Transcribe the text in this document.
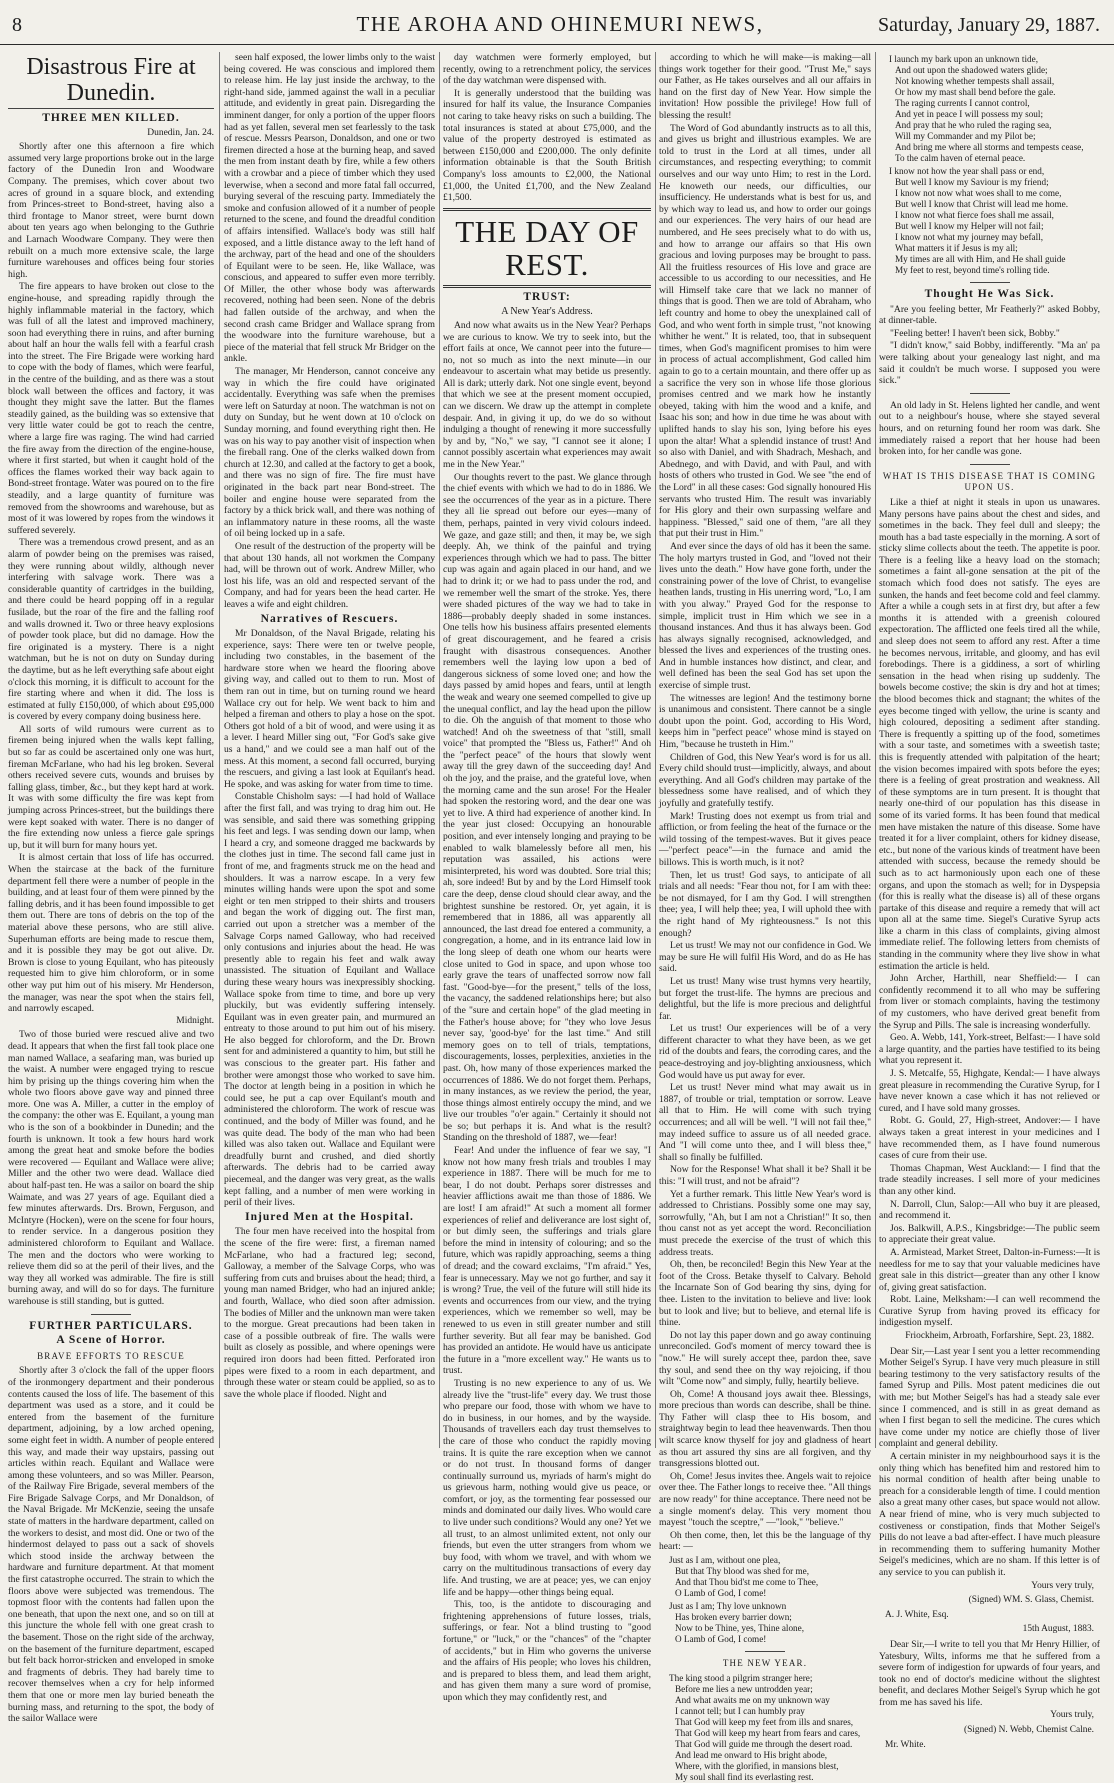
8	THE AROHA AND OHINEMURI NEWS,	Saturday, January 29, 1887.
Disastrous Fire at Dunedin.
THREE MEN KILLED.
Dunedin, Jan. 24.

Shortly after one this afternoon a fire which assumed very large proportions broke out in the large factory of the Dunedin Iron and Woodware Company. The premises, which cover about two acres of ground in a square block, and extending from Princes-street to Bond-street, having also a third frontage to Manor street, were burnt down about ten years ago when belonging to the Guthrie and Larnach Woodware Company. They were then rebuilt on a much more extensive scale, the large furniture warehouses and offices being four stories high.

The fire appears to have broken out close to the engine-house, and spreading rapidly through the highly inflammable material in the factory, which was full of all the latest and improved machinery, soon had everything there in ruins, and after burning about half an hour the walls fell with a fearful crash into the street. The Fire Brigade were working hard to cope with the body of flames, which were fearful, in the centre of the building, and as there was a stout block wall between the offices and factory, it was thought they might save the latter. But the flames steadily gained, as the building was so extensive that very little water could be got to reach the centre, where a large fire was raging. The wind had carried the fire away from the direction of the engine-house, where it first started, but when it caught hold of the offices the flames worked their way back again to Bond-street frontage. Water was poured on to the fire steadily, and a large quantity of furniture was removed from the showrooms and warehouse, but as most of it was lowered by ropes from the windows it suffered severely.

There was a tremendous crowd present, and as an alarm of powder being on the premises was raised, they were running about wildly, although never interfering with salvage work. There was a considerable quantity of cartridges in the building, and there could be heard popping off in a regular fusilade, but the roar of the fire and the falling roof and walls drowned it. Two or three heavy explosions of powder took place, but did no damage. How the fire originated is a mystery. There is a night watchman, but he is not on duty on Sunday during the daytime, but as he left everything safe about eight o'clock this morning, it is difficult to account for the fire starting where and when it did. The loss is estimated at fully £150,000, of which about £95,000 is covered by every company doing business here.

All sorts of wild rumours were current as to firemen being injured when the walls kept falling, but so far as could be ascertained only one was hurt, fireman McFarlane, who had his leg broken. Several others received severe cuts, wounds and bruises by falling glass, timber, &c., but they kept hard at work. It was with some difficulty the fire was kept from jumping across Princes-street, but the buildings there were kept soaked with water. There is no danger of the fire extending now unless a fierce gale springs up, but it will burn for many hours yet.

It is almost certain that loss of life has occurred. When the staircase at the back of the furniture department fell there were a number of people in the building, and at least four of them were pinned by the falling debris, and it has been found impossible to get them out. There are tons of debris on the top of the material above these persons, who are still alive. Superhuman efforts are being made to rescue them, and it is possible they may be got out alive. Dr. Brown is close to young Equilant, who has piteously requested him to give him chloroform, or in some other way put him out of his misery. Mr Henderson, the manager, was near the spot when the stairs fell, and narrowly escaped.

Midnight.

Two of those buried were rescued alive and two dead. It appears that when the first fall took place one man named Wallace, a seafaring man, was buried up the waist. A number were engaged trying to rescue him by prising up the things covering him when the whole two floors above gave way and pinned three more. One was A. Miller, a cutter in the employ of the company: the other was E. Equilant, a young man who is the son of a bookbinder in Dunedin; and the fourth is unknown. It took a few hours hard work among the great heat and smoke before the bodies were recovered — Equilant and Wallace were alive; Miller and the other two were dead. Wallace died about half-past ten. He was a sailor on board the ship Waimate, and was 27 years of age. Equilant died a few minutes afterwards. Drs. Brown, Ferguson, and McIntyre (Hocken), were on the scene for four hours, to render service. In a dangerous position they administered chloroform to Equilant and Wallace. The men and the doctors who were working to relieve them did so at the peril of their lives, and the way they all worked was admirable. The fire is still burning away, and will do so for days. The furniture warehouse is still standing, but is gutted.

FURTHER PARTICULARS.
A Scene of Horror.
BRAVE EFFORTS TO RESCUE

Shortly after 3 o'clock the fall of the upper floors of the ironmongery department and their ponderous contents caused the loss of life. The basement of this department was used as a store, and it could be entered from the basement of the furniture department, adjoining, by a low arched opening, some eight feet in width. A number of people entered this way, and made their way upstairs, passing out articles within reach. Equilant and Wallace were among these volunteers, and so was Miller. Pearson, of the Railway Fire Brigade, several members of the Fire Brigade Salvage Corps, and Mr Donaldson, of the Naval Brigade. Mr McKenzie, seeing the unsafe state of matters in the hardware department, called on the workers to desist, and most did. One or two of the hindermost delayed to pass out a sack of shovels which stood inside the archway between the hardware and furniture department. At that moment the first catastrophe occurred. The strain to which the floors above were subjected was tremendous. The topmost floor with the contents had fallen upon the one beneath, that upon the next one, and so on till at this juncture the whole fell with one great crash to the basement. Those on the right side of the archway, on the basement of the furniture department, escaped but felt back horror-stricken and enveloped in smoke and fragments of debris. They had barely time to recover themselves when a cry for help informed them that one or more men lay buried beneath the burning mass, and returning to the spot, the body of the sailor Wallace were

seen half exposed, the lower limbs only to the waist being covered. He was conscious and implored them to release him. He lay just inside the archway, to the right-hand side, jammed against the wall in a peculiar attitude, and evidently in great pain. Disregarding the imminent danger, for only a portion of the upper floors had as yet fallen, several men set fearlessly to the task of rescue. Messrs Pearson, Donaldson, and one or two firemen directed a hose at the burning heap, and saved the men from instant death by fire, while a few others with a crowbar and a piece of timber which they used leverwise, when a second and more fatal fall occurred, burying several of the rescuing party. Immediately the smoke and confusion allowed of it a number of people returned to the scene, and found the dreadful condition of affairs intensified. Wallace's body was still half exposed, and a little distance away to the left hand of the archway, part of the head and one of the shoulders of Equilant were to be seen. He, like Wallace, was conscious, and appeared to suffer even more terribly. Of Miller, the other whose body was afterwards recovered, nothing had been seen. None of the debris had fallen outside of the archway, and when the second crash came Bridger and Wallace sprang from the woodware into the furniture warehouse, but a piece of the material that fell struck Mr Bridger on the ankle.

The manager, Mr Henderson, cannot conceive any way in which the fire could have originated accidentally. Everything was safe when the premises were left on Saturday at noon. The watchman is not on duty on Sunday, but he went down at 10 o'clock on Sunday morning, and found everything right then. He was on his way to pay another visit of inspection when the fireball rang. One of the clerks walked down from church at 12.30, and called at the factory to get a book, and there was no sign of fire. The fire must have originated in the back part near Bond-street. The boiler and engine house were separated from the factory by a thick brick wall, and there was nothing of an inflammatory nature in these rooms, all the waste of oil being locked up in a safe.

One result of the destruction of the property will be that about 130 hands, all not workmen the Company had, will be thrown out of work. Andrew Miller, who lost his life, was an old and respected servant of the Company, and had for years been the head carter. He leaves a wife and eight children.

Narratives of Rescuers.

Mr Donaldson, of the Naval Brigade, relating his experience, says: There were ten or twelve people, including two constables, in the basement of the hardware store when we heard the flooring above giving way, and called out to them to run. Most of them ran out in time, but on turning round we heard Wallace cry out for help. We went back to him and helped a fireman and others to play a hose on the spot. Others got hold of a bit of wood, and were using it as a lever. I heard Miller sing out, "For God's sake give us a hand," and we could see a man half out of the mess. At this moment, a second fall occurred, burying the rescuers, and giving a last look at Equilant's head. He spoke, and was asking for water from time to time.

Constable Chisholm says: —I had hold of Wallace after the first fall, and was trying to drag him out. He was sensible, and said there was something gripping his feet and legs. I was sending down our lamp, when I heard a cry, and someone dragged me backwards by the clothes just in time. The second fall came just in front of me, and fragments struck me on the head and shoulders. It was a narrow escape. In a very few minutes willing hands were upon the spot and some eight or ten men stripped to their shirts and trousers and began the work of digging out. The first man, carried out upon a stretcher was a member of the Salvage Corps named Galloway, who had received only contusions and injuries about the head. He was presently able to regain his feet and walk away unassisted. The situation of Equilant and Wallace during these weary hours was inexpressibly shocking. Wallace spoke from time to time, and bore up very pluckily, but was evidently suffering intensely. Equilant was in even greater pain, and murmured an entreaty to those around to put him out of his misery. He also begged for chloroform, and the Dr. Brown sent for and administered a quantity to him, but still he was conscious to the greater part. His father and brother were amongst those who worked to save him. The doctor at length being in a position in which he could see, he put a cap over Equilant's mouth and administered the chloroform. The work of rescue was continued, and the body of Miller was found, and he was quite dead. The body of the man who had been killed was also taken out. Wallace and Equilant were dreadfully burnt and crushed, and died shortly afterwards. The debris had to be carried away piecemeal, and the danger was very great, as the walls kept falling, and a number of men were working in peril of their lives.

Injured Men at the Hospital.

The four men have received into the hospital from the scene of the fire were: first, a fireman named McFarlane, who had a fractured leg; second, Galloway, a member of the Salvage Corps, who was suffering from cuts and bruises about the head; third, a young man named Bridger, who had an injured ankle; and fourth, Wallace, who died soon after admission. The bodies of Miller and the unknown man were taken to the morgue. Great precautions had been taken in case of a possible outbreak of fire. The walls were built as closely as possible, and where openings were required iron doors had been fitted. Perforated iron pipes were fixed to a room in each department, and through these water or steam could be applied, so as to save the whole place if flooded. Night and

day watchmen were formerly employed, but recently, owing to a retrenchment policy, the services of the day watchman were dispensed with.

It is generally understood that the building was insured for half its value, the Insurance Companies not caring to take heavy risks on such a building. The total insurances is stated at about £75,000, and the value of the property destroyed is estimated as between £150,000 and £200,000. The only definite information obtainable is that the South British Company's loss amounts to £2,000, the National £1,000, the United £1,700, and the New Zealand £1,500.

THE DAY OF REST.
TRUST:
A New Year's Address.

And now what awaits us in the New Year? Perhaps we are curious to know. We try to seek into, but the effort fails at once, We cannot peer into the future—no, not so much as into the next minute—in our endeavour to ascertain what may betide us presently. All is dark; utterly dark. Not one single event, beyond that which we see at the present moment occupied, can we discern. We draw up the attempt in complete despair. And, in giving it up, do we do so without indulging a thought of renewing it more successfully by and by, "No," we say, "I cannot see it alone; I cannot possibly ascertain what experiences may await me in the New Year."

Our thoughts revert to the past. We glance through the chief events with which we had to do in 1886. We see the occurrences of the year as in a picture. There they all lie spread out before our eyes—many of them, perhaps, painted in very vivid colours indeed. We gaze, and gaze still; and then, it may be, we sigh deeply. Ah, we think of the painful and trying experiences through which we had to pass. The bitter cup was again and again placed in our hand, and we had to drink it; or we had to pass under the rod, and we remember well the smart of the stroke. Yes, there were shaded pictures of the way we had to take in 1886—probably deeply shaded in some instances. One tells how his business affairs presented elements of great discouragement, and he feared a crisis fraught with disastrous consequences. Another remembers well the laying low upon a bed of dangerous sickness of some loved one; and how the days passed by amid hopes and fears, until at length the weak and weary one seemed compelled to give up the unequal conflict, and lay the head upon the pillow to die. Oh the anguish of that moment to those who watched! And oh the sweetness of that "still, small voice" that prompted the "Bless us, Father!" And oh the "perfect peace" of the hours that slowly went away till the grey dawn of the succeeding day! And oh the joy, and the praise, and the grateful love, when the morning came and the sun arose! For the Healer had spoken the restoring word, and the dear one was yet to live. A third had experience of another kind. In the year just closed: Occupying an honourable position, and ever intensely longing and praying to be enabled to walk blamelessly before all men, his reputation was assailed, his actions were misinterpreted, his word was doubted. Sore trial this; ah, sore indeed! But by and by the Lord Himself took care the deep, dense cloud should clear away, and the brightest sunshine be restored. Or, yet again, it is remembered that in 1886, all was apparently all announced, the last dread foe entered a community, a congregation, a home, and in its entrance laid low in the long sleep of death one whom our hearts were close united to God in space, and upon whose too early grave the tears of unaffected sorrow now fall fast. "Good-bye—for the present," tells of the loss, the vacancy, the saddened relationships here; but also of the "sure and certain hope" of the glad meeting in the Father's house above; for "they who love Jesus never say, 'good-bye' for the last time." And still memory goes on to tell of trials, temptations, discouragements, losses, perplexities, anxieties in the past. Oh, how many of those experiences marked the occurrences of 1886. We do not forget them. Perhaps, in many instances, as we review the period, the year, those things almost entirely occupy the mind, and we live our troubles "o'er again." Certainly it should not be so; but perhaps it is. And what is the result? Standing on the threshold of 1887, we—fear!

Fear! And under the influence of fear we say, "I know not how many fresh trials and troubles I may experience in 1887. There will be much for me to bear, I do not doubt. Perhaps sorer distresses and heavier afflictions await me than those of 1886. We are lost! I am afraid!" At such a moment all former experiences of relief and deliverance are lost sight of, or but dimly seen, the sufferings and trials glare before the mind in intensity of colouring; and so the future, which was rapidly approaching, seems a thing of dread; and the coward exclaims, "I'm afraid." Yes, fear is unnecessary. May we not go further, and say it is wrong? True, the veil of the future will still hide its events and occurrences from our view, and the trying experiences, which we remember so well, may be renewed to us even in still greater number and still further severity. But all fear may be banished. God has provided an antidote. He would have us anticipate the future in a "more excellent way." He wants us to trust.

Trusting is no new experience to any of us. We already live the "trust-life" every day. We trust those who prepare our food, those with whom we have to do in business, in our homes, and by the wayside. Thousands of travellers each day trust themselves to the care of those who conduct the rapidly moving trains. It is quite the rare exception when we cannot or do not trust. In thousand forms of danger continually surround us, myriads of harm's might do us grievous harm, nothing would give us peace, or comfort, or joy, as the tormenting fear possessed our minds and dominated our daily lives. Who would care to live under such conditions? Would any one? Yet we all trust, to an almost unlimited extent, not only our friends, but even the utter strangers from whom we buy food, with whom we travel, and with whom we carry on the multitudinous transactions of every day life. And trusting, we are at peace; yes, we can enjoy life and be happy—other things being equal.

This, too, is the antidote to discouraging and frightening apprehensions of future losses, trials, sufferings, or fear. Not a blind trusting to "good fortune," or "luck," or the "chances" of the "chapter of accidents," but in Him who governs the universe and the affairs of His people; who loves his children, and is prepared to bless them, and lead them aright, and has given them many a sure word of promise, upon which they may confidently rest, and

according to which he will make—is making—all things work together for their good. "Trust Me," says our Father, as He takes ourselves and all our affairs in hand on the first day of New Year. How simple the invitation! How possible the privilege! How full of blessing the result!

The Word of God abundantly instructs as to all this, and gives us bright and illustrious examples. We are told to trust in the Lord at all times, under all circumstances, and respecting everything; to commit ourselves and our way unto Him; to rest in the Lord. He knoweth our needs, our difficulties, our insufficiency. He understands what is best for us, and by which way to lead us, and how to order our goings and our experiences. The very hairs of our head are numbered, and He sees precisely what to do with us, and how to arrange our affairs so that His own gracious and loving purposes may be brought to pass. All the fruitless resources of His love and grace are accessible to us according to our necessities, and He will Himself take care that we lack no manner of things that is good. Then we are told of Abraham, who left country and home to obey the unexplained call of God, and who went forth in simple trust, "not knowing whither he went." It is related, too, that in subsequent times, when God's magnificent promises to him were in process of actual accomplishment, God called him again to go to a certain mountain, and there offer up as a sacrifice the very son in whose life those glorious promises centred and we mark how he instantly obeyed, taking with him the wood and a knife, and Isaac his son; and how in due time he was about with uplifted hands to slay his son, lying before his eyes upon the altar! What a splendid instance of trust! And so also with Daniel, and with Shadrach, Meshach, and Abednego, and with David, and with Paul, and with hosts of others who trusted in God. We see "the end of the Lord" in all these cases: God signally honoured His servants who trusted Him. The result was invariably for His glory and their own surpassing welfare and happiness. "Blessed," said one of them, "are all they that put their trust in Him."

And ever since the days of old has it been the same. The holy martyrs trusted in God, and "loved not their lives unto the death." How have gone forth, under the constraining power of the love of Christ, to evangelise heathen lands, trusting in His unerring word, "Lo, I am with you alway." Prayed God for the response to simple, implicit trust in Him which we see in a thousand instances. And thus it has always been. God has always signally recognised, acknowledged, and blessed the lives and experiences of the trusting ones. And in humble instances how distinct, and clear, and well defined has been the seal God has set upon the exercise of simple trust.

The witnesses are legion! And the testimony borne is unanimous and consistent. There cannot be a single doubt upon the point. God, according to His Word, keeps him in "perfect peace" whose mind is stayed on Him, "because he trusteth in Him."

Children of God, this New Year's word is for us all. Every child should trust—implicitly, always, and about everything. And all God's children may partake of the blessedness some have realised, and of which they joyfully and gratefully testify.

Mark! Trusting does not exempt us from trial and affliction, or from feeling the heat of the furnace or the wild tossing of the tempest-waves. But it gives peace—"perfect peace"—in the furnace and amid the billows. This is worth much, is it not?

Then, let us trust! God says, to anticipate of all trials and all needs: "Fear thou not, for I am with thee: be not dismayed, for I am thy God. I will strengthen thee; yea, I will help thee; yea, I will uphold thee with the right hand of My righteousness." Is not this enough?

Let us trust! We may not our confidence in God. We may be sure He will fulfil His Word, and do as He has said.

Let us trust! Many wise trust hymns very heartily, but forget the trust-life. The hymns are precious and delightful, but the life is more precious and delightful far.

Let us trust! Our experiences will be of a very different character to what they have been, as we get rid of the doubts and fears, the corroding cares, and the peace-destroying and joy-blighting anxiousness, which God would have us put away for ever.

Let us trust! Never mind what may await us in 1887, of trouble or trial, temptation or sorrow. Leave all that to Him. He will come with such trying occurrences; and all will be well. "I will not fail thee," may indeed suffice to assure us of all needed grace. And "I will come unto thee, and I will bless thee," shall so finally be fulfilled.

Now for the Response! What shall it be? Shall it be this: "I will trust, and not be afraid"?

Yet a further remark. This little New Year's word is addressed to Christians. Possibly some one may say, sorrowfully, "Ah, but I am not a Christian!" It so, then thou canst not as yet accept the word. Reconciliation must precede the exercise of the trust of which this address treats.

Oh, then, be reconciled! Begin this New Year at the foot of the Cross. Betake thyself to Calvary. Behold the Incarnate Son of God bearing thy sins, dying for thee. Listen to the invitation to believe and live: look but to look and live; but to believe, and eternal life is thine.

Do not lay this paper down and go away continuing unreconciled. God's moment of mercy toward thee is "now." He will surely accept thee, pardon thee, save thy soul, and send thee on thy way rejoicing, if thou wilt "Come now" and simply, fully, heartily believe.

Oh, Come! A thousand joys await thee. Blessings, more precious than words can describe, shall be thine. Thy Father will clasp thee to His bosom, and straightway begin to lead thee heavenwards. Then thou wilt scarce know thyself for joy and gladness of heart as thou art assured thy sins are all forgiven, and thy transgressions blotted out.

Oh, Come! Jesus invites thee. Angels wait to rejoice over thee. The Father longs to receive thee. "All things are now ready" for thine acceptance. There need not be a single moment's delay. This very moment thou mayest "touch the sceptre," —"look," "believe."

Oh then come, then, let this be the language of thy heart: —

Just as I am, without one plea,
But that Thy blood was shed for me,
And that Thou bid'st me come to Thee,
O Lamb of God, I come!
Just as I am; Thy love unknown
Has broken every barrier down;
Now to be Thine, yes, Thine alone,
O Lamb of God, I come!
THE NEW YEAR.
The king stood a pilgrim stranger here;
Before me lies a new untrodden year;
And what awaits me on my unknown way
I cannot tell; but I can humbly pray
That God will keep my feet from ills and snares,
That God will keep my heart from fears and cares,
That God will guide me through the desert road.
And lead me onward to His bright abode,
Where, with the glorified, in mansions blest,
My soul shall find its everlasting rest.
I launch my bark upon an unknown tide,
And out upon the shadowed waters glide;
Not knowing whether tempests shall assail,
Or how my mast shall bend before the gale.
The raging currents I cannot control,
And yet in peace I will possess my soul;
And pray that he who ruled the raging sea,
Will my Commander and my Pilot be;
And bring me where all storms and tempests cease,
To the calm haven of eternal peace.
I know not how the year shall pass or end,
But well I know my Saviour is my friend;
I know not now what woes shall to me come,
But well I know that Christ will lead me home.
I know not what fierce foes shall me assail,
But well I know my Helper will not fail;
I know not what my journey may befall,
What matters it if Jesus is my all;
My times are all with Him, and He shall guide
My feet to rest, beyond time's rolling tide.
Thought He Was Sick.

"Are you feeling better, Mr Featherly?" asked Bobby, at dinner-table.

"Feeling better! I haven't been sick, Bobby."

"I didn't know," said Bobby, indifferently. "Ma an' pa were talking about your genealogy last night, and ma said it couldn't be much worse. I supposed you were sick."

An old lady in St. Helens lighted her candle, and went out to a neighbour's house, where she stayed several hours, and on returning found her room was dark. She immediately raised a report that her house had been broken into, for her candle was gone.

WHAT IS THIS DISEASE THAT IS COMING UPON US.

Like a thief at night it steals in upon us unawares. Many persons have pains about the chest and sides, and sometimes in the back. They feel dull and sleepy; the mouth has a bad taste especially in the morning. A sort of sticky slime collects about the teeth. The appetite is poor. There is a feeling like a heavy load on the stomach; sometimes a faint all-gone sensation at the pit of the stomach which food does not satisfy. The eyes are sunken, the hands and feet become cold and feel clammy. After a while a cough sets in at first dry, but after a few months it is attended with a greenish coloured expectoration. The afflicted one feels tired all the while, and sleep does not seem to afford any rest. After a time he becomes nervous, irritable, and gloomy, and has evil forebodings. There is a giddiness, a sort of whirling sensation in the head when rising up suddenly. The bowels become costive; the skin is dry and hot at times; the blood becomes thick and stagnant; the whites of the eyes become tinged with yellow, the urine is scanty and high coloured, depositing a sediment after standing. There is frequently a spitting up of the food, sometimes with a sour taste, and sometimes with a sweetish taste; this is frequently attended with palpitation of the heart; the vision becomes impaired with spots before the eyes; there is a feeling of great prostration and weakness. All of these symptoms are in turn present. It is thought that nearly one-third of our population has this disease in some of its varied forms. It has been found that medical men have mistaken the nature of this disease. Some have treated it for a liver complaint, others for kidney disease, etc., but none of the various kinds of treatment have been attended with success, because the remedy should be such as to act harmoniously upon each one of these organs, and upon the stomach as well; for in Dyspepsia (for this is really what the disease is) all of these organs partake of this disease and require a remedy that will act upon all at the same time. Siegel's Curative Syrup acts like a charm in this class of complaints, giving almost immediate relief. The following letters from chemists of standing in the community where they live show in what estimation the article is held.

John Archer, Harthill, near Sheffield:— I can confidently recommend it to all who may be suffering from liver or stomach complaints, having the testimony of my customers, who have derived great benefit from the Syrup and Pills. The sale is increasing wonderfully.

Geo. A. Webb, 141, York-street, Belfast:— I have sold a large quantity, and the parties have testified to its being what you represent it.

J. S. Metcalfe, 55, Highgate, Kendal:— I have always great pleasure in recommending the Curative Syrup, for I have never known a case which it has not relieved or cured, and I have sold many grosses.

Robt. G. Gould, 27, High-street, Andover:— I have always taken a great interest in your medicines and I have recommended them, as I have found numerous cases of cure from their use.

Thomas Chapman, West Auckland:— I find that the trade steadily increases. I sell more of your medicines than any other kind.

N. Darroll, Clun, Salop:—All who buy it are pleased, and recommend it.

Jos. Balkwill, A.P.S., Kingsbridge:—The public seem to appreciate their great value.

A. Armistead, Market Street, Dalton-in-Furness:—It is needless for me to say that your valuable medicines have great sale in this district—greater than any other I know of, giving great satisfaction.

Robt. Laine, Melksham:—I can well recommend the Curative Syrup from having proved its efficacy for indigestion myself.

Friockheim, Arbroath, Forfarshire, Sept. 23, 1882.

Dear Sir,—Last year I sent you a letter recommending Mother Seigel's Syrup. I have very much pleasure in still bearing testimony to the very satisfactory results of the famed Syrup and Pills. Most patent medicines die out with me; but Mother Seigel's has had a steady sale ever since I commenced, and is still in as great demand as when I first began to sell the medicine. The cures which have come under my notice are chiefly those of liver complaint and general debility.

A certain minister in my neighbourhood says it is the only thing which has benefited him and restored him to his normal condition of health after being unable to preach for a considerable length of time. I could mention also a great many other cases, but space would not allow. A near friend of mine, who is very much subjected to costiveness or constipation, finds that Mother Seigel's Pills do not leave a bad after-effect. I have much pleasure in recommending them to suffering humanity Mother Seigel's medicines, which are no sham. If this letter is of any service to you can publish it.

Yours very truly,
(Signed) WM. S. Glass, Chemist.
A. J. White, Esq.
15th August, 1883.

Dear Sir,—I write to tell you that Mr Henry Hillier, of Yatesbury, Wilts, informs me that he suffered from a severe form of indigestion for upwards of four years, and took no end of doctor's medicine without the slightest benefit, and declares Mother Seigel's Syrup which he got from me has saved his life.

Yours truly,
(Signed) N. Webb, Chemist Calne.
Mr. White.
